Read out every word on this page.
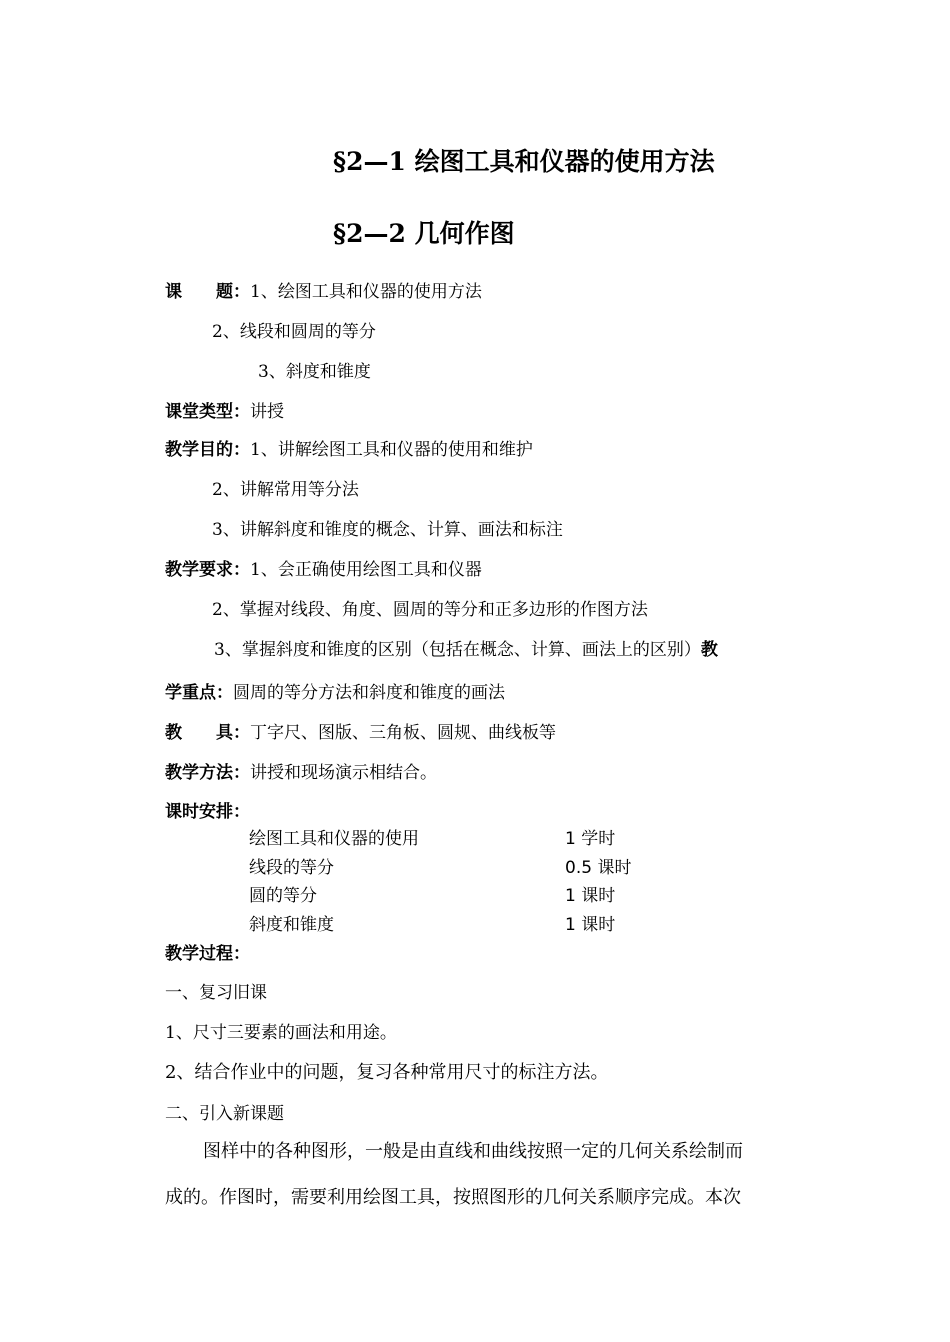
§2—1 绘图工具和仪器的使用方法
§2—2 几何作图
课　　题：1、绘图工具和仪器的使用方法
2、线段和圆周的等分
3、斜度和锥度
课堂类型：讲授
教学目的：1、讲解绘图工具和仪器的使用和维护
2、讲解常用等分法
3、讲解斜度和锥度的概念、计算、画法和标注
教学要求：1、会正确使用绘图工具和仪器
2、掌握对线段、角度、圆周的等分和正多边形的作图方法
3、掌握斜度和锥度的区别（包括在概念、计算、画法上的区别）教
学重点：圆周的等分方法和斜度和锥度的画法
教　　具：丁字尺、图版、三角板、圆规、曲线板等
教学方法：讲授和现场演示相结合。
课时安排：
绘图工具和仪器的使用	1 学时
线段的等分	0.5 课时
圆的等分	1 课时
斜度和锥度	1 课时
教学过程：
一、复习旧课
1、尺寸三要素的画法和用途。
2、结合作业中的问题，复习各种常用尺寸的标注方法。
二、引入新课题
图样中的各种图形，一般是由直线和曲线按照一定的几何关系绘制而
成的。作图时，需要利用绘图工具，按照图形的几何关系顺序完成。本次
